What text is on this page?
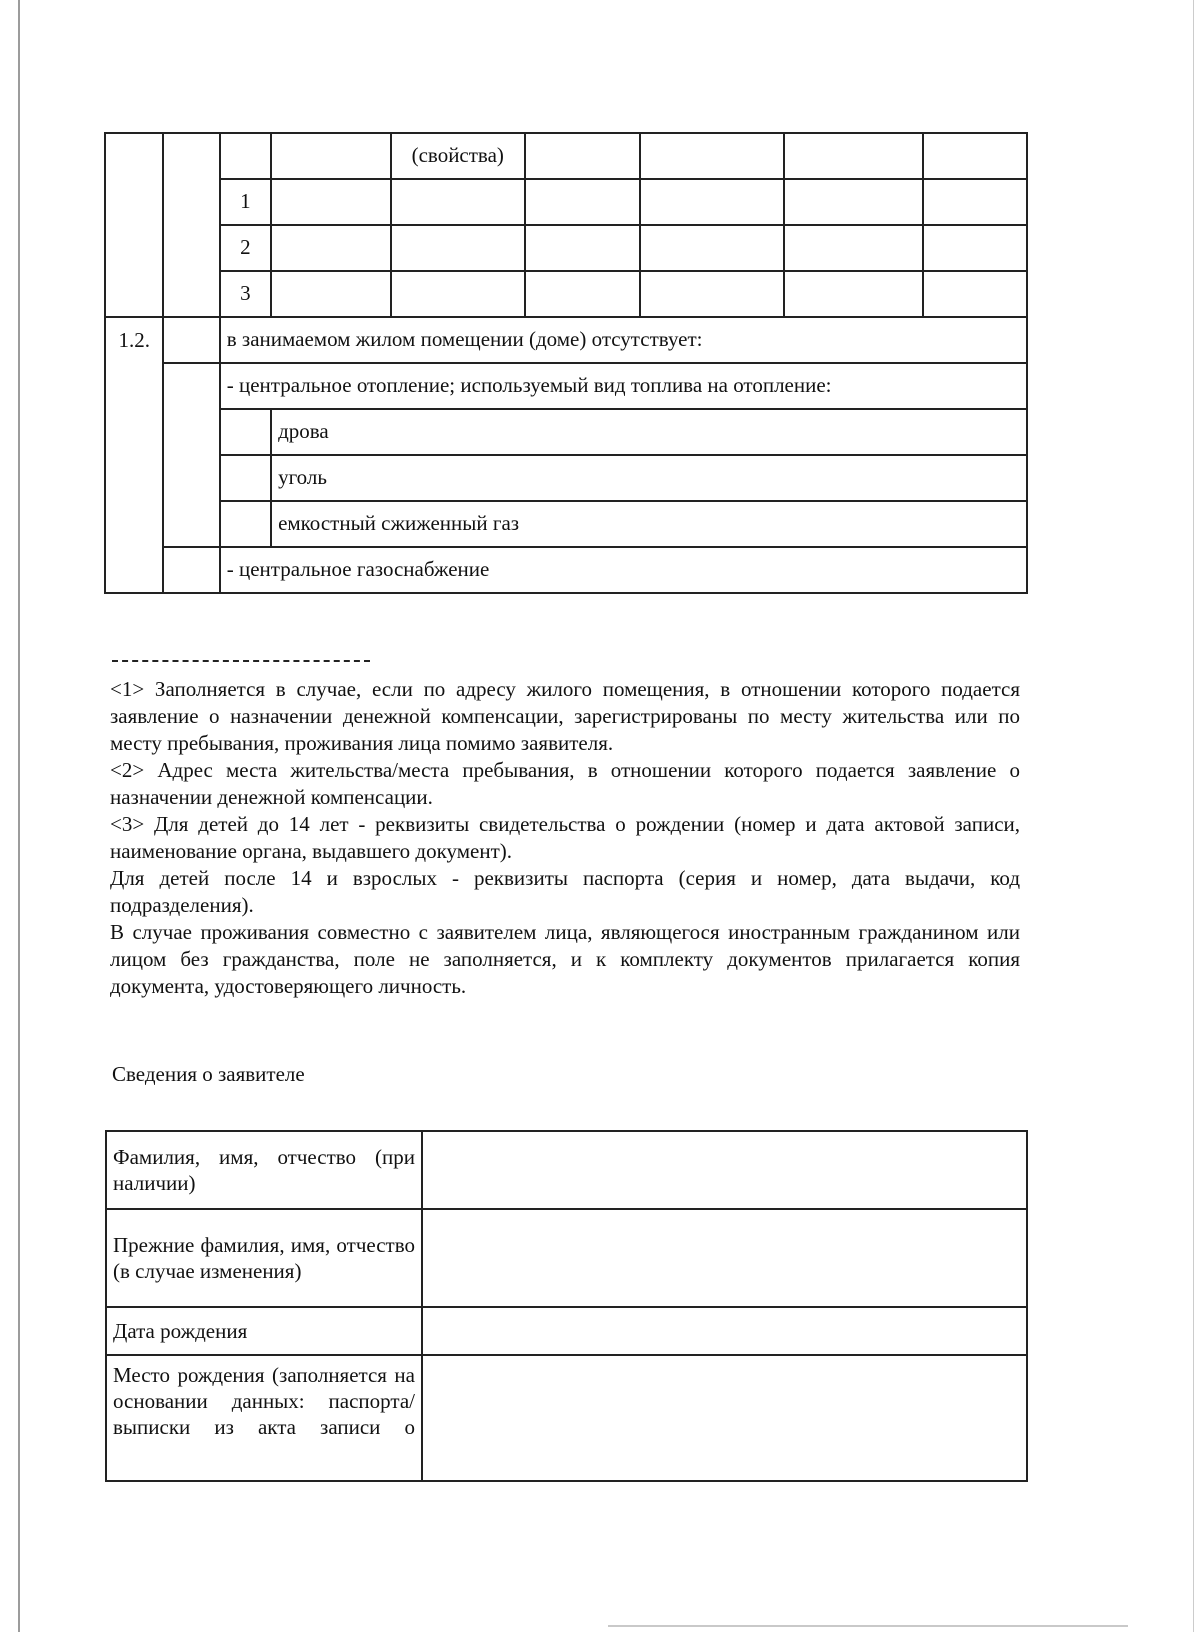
				(свойства)				
		1						
		2						
		3						
1.2.		в занимаемом жилом помещении (доме) отсутствует:						
		- центральное отопление; используемый вид топлива на отопление:						
			дрова					
			уголь					
			емкостный сжиженный газ					
		- центральное газоснабжение						

<1> Заполняется в случае, если по адресу жилого помещения, в отношении которого подается заявление о назначении денежной компенсации, зарегистрированы по месту жительства или по месту пребывания, проживания лица помимо заявителя.

<2> Адрес места жительства/места пребывания, в отношении которого подается заявление о назначении денежной компенсации.

<3> Для детей до 14 лет - реквизиты свидетельства о рождении (номер и дата актовой записи, наименование органа, выдавшего документ).

Для детей после 14 и взрослых - реквизиты паспорта (серия и номер, дата выдачи, код подразделения).

В случае проживания совместно с заявителем лица, являющегося иностранным гражданином или лицом без гражданства, поле не заполняется, и к комплекту документов прилагается копия документа, удостоверяющего личность.

Сведения о заявителе
Фамилия, имя, отчество (при наличии)	
Прежние фамилия, имя, отчество (в случае изменения)	
Дата рождения	
Место рождения (заполняется на основании данных: паспорта/выписки из акта записи о	
